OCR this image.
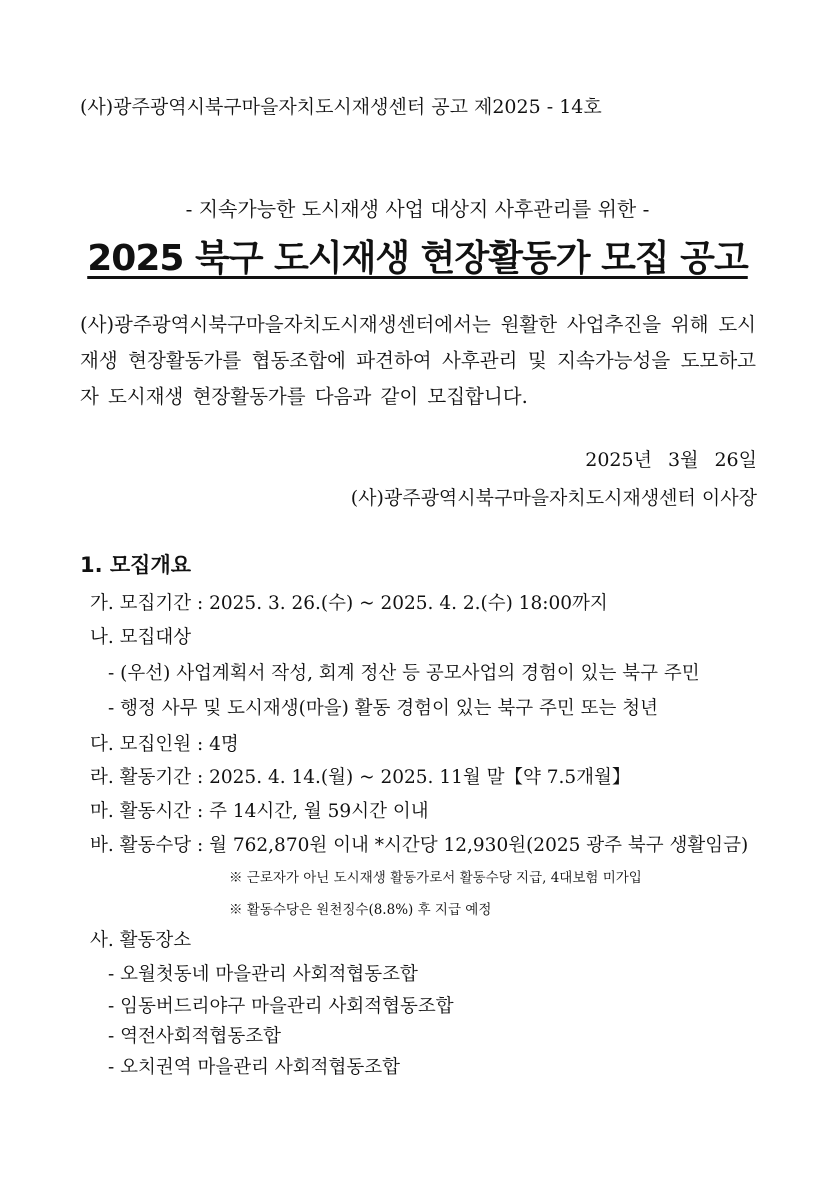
(사)광주광역시북구마을자치도시재생센터 공고 제2025 - 14호
- 지속가능한 도시재생 사업 대상지 사후관리를 위한 -
2025 북구 도시재생 현장활동가 모집 공고
(사)광주광역시북구마을자치도시재생센터에서는 원활한 사업추진을 위해 도시재생 현장활동가를 협동조합에 파견하여 사후관리 및 지속가능성을 도모하고자 도시재생 현장활동가를 다음과 같이 모집합니다.
2025년 3월 26일
(사)광주광역시북구마을자치도시재생센터 이사장
1. 모집개요
가. 모집기간 : 2025. 3. 26.(수) ~ 2025. 4. 2.(수) 18:00까지
나. 모집대상
- (우선) 사업계획서 작성, 회계 정산 등 공모사업의 경험이 있는 북구 주민
- 행정 사무 및 도시재생(마을) 활동 경험이 있는 북구 주민 또는 청년
다. 모집인원 : 4명
라. 활동기간 : 2025. 4. 14.(월) ~ 2025. 11월 말【약 7.5개월】
마. 활동시간 : 주 14시간, 월 59시간 이내
바. 활동수당 : 월 762,870원 이내 *시간당 12,930원(2025 광주 북구 생활임금)
※ 근로자가 아닌 도시재생 활동가로서 활동수당 지급, 4대보험 미가입
※ 활동수당은 원천징수(8.8%) 후 지급 예정
사. 활동장소
- 오월첫동네 마을관리 사회적협동조합
- 임동버드리야구 마을관리 사회적협동조합
- 역전사회적협동조합
- 오치권역 마을관리 사회적협동조합
